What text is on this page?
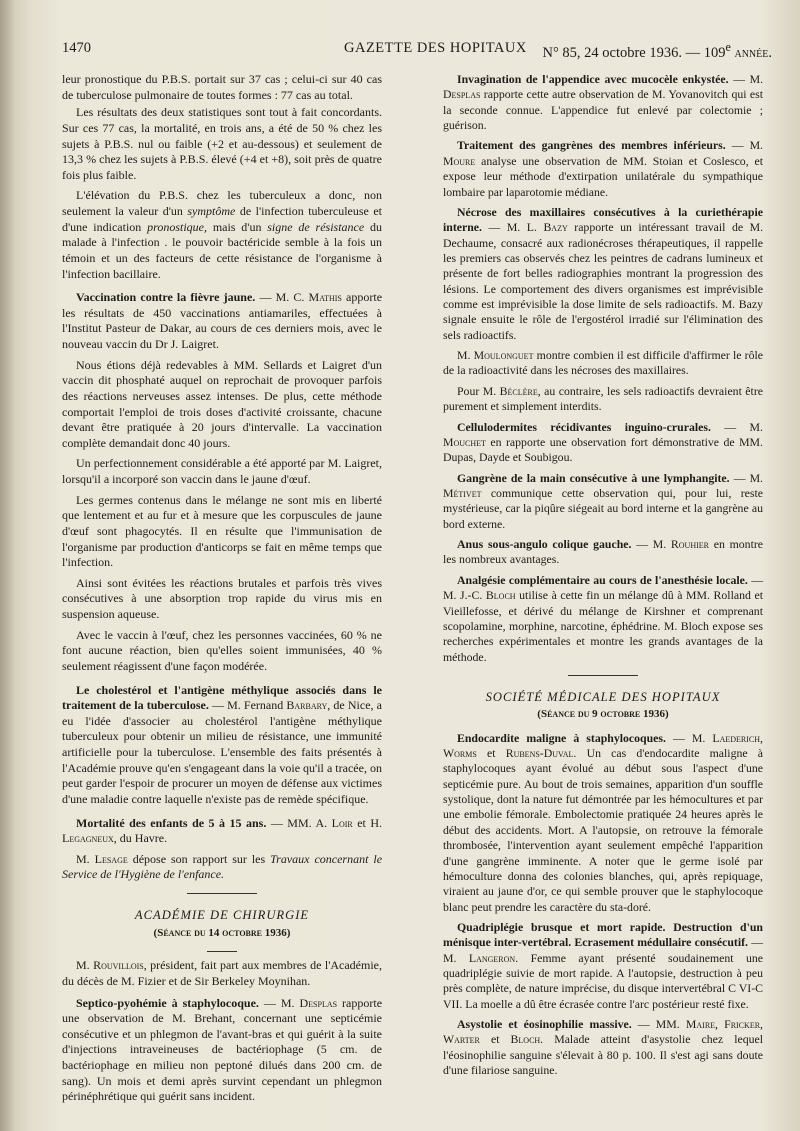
1470	GAZETTE DES HOPITAUX N° 85, 24 octobre 1936. — 109e année.

leur pronostique du P.B.S. portait sur 37 cas ; celui-ci sur 40 cas de tuberculose pulmonaire de toutes formes : 77 cas au total.

Les résultats des deux statistiques sont tout à fait concordants. Sur ces 77 cas, la mortalité, en trois ans, a été de 50 % chez les sujets à P.B.S. nul ou faible (+2 et au-dessous) et seulement de 13,3 % chez les sujets à P.B.S. élevé (+4 et +8), soit près de quatre fois plus faible.

L'élévation du P.B.S. chez les tuberculeux a donc, non seulement la valeur d'un symptôme de l'infection tuberculeuse et d'une indication pronostique, mais d'un signe de résistance du malade à l'infection . le pouvoir bactéricide semble à la fois un témoin et un des facteurs de cette résistance de l'organisme à l'infection bacillaire.

Vaccination contre la fièvre jaune. — M. C. Mathis apporte les résultats de 450 vaccinations antiamariles, effectuées à l'Institut Pasteur de Dakar, au cours de ces derniers mois, avec le nouveau vaccin du Dr J. Laigret.

Nous étions déjà redevables à MM. Sellards et Laigret d'un vaccin dit phosphaté auquel on reprochait de provoquer parfois des réactions nerveuses assez intenses. De plus, cette méthode comportait l'emploi de trois doses d'activité croissante, chacune devant être pratiquée à 20 jours d'intervalle. La vaccination complète demandait donc 40 jours.

Un perfectionnement considérable a été apporté par M. Laigret, lorsqu'il a incorporé son vaccin dans le jaune d'œuf.

Les germes contenus dans le mélange ne sont mis en liberté que lentement et au fur et à mesure que les corpuscules de jaune d'œuf sont phagocytés. Il en résulte que l'immunisation de l'organisme par production d'anticorps se fait en même temps que l'infection.

Ainsi sont évitées les réactions brutales et parfois très vives consécutives à une absorption trop rapide du virus mis en suspension aqueuse.

Avec le vaccin à l'œuf, chez les personnes vaccinées, 60 % ne font aucune réaction, bien qu'elles soient immunisées, 40 % seulement réagissent d'une façon modérée.

Le cholestérol et l'antigène méthylique associés dans le traitement de la tuberculose. — M. Fernand Barbary, de Nice, a eu l'idée d'associer au cholestérol l'antigène méthylique tuberculeux pour obtenir un milieu de résistance, une immunité artificielle pour la tuberculose. L'ensemble des faits présentés à l'Académie prouve qu'en s'engageant dans la voie qu'il a tracée, on peut garder l'espoir de procurer un moyen de défense aux victimes d'une maladie contre laquelle n'existe pas de remède spécifique.

Mortalité des enfants de 5 à 15 ans. — MM. A. Loir et H. Legagneux, du Havre.

M. Lesage dépose son rapport sur les Travaux concernant le Service de l'Hygiène de l'enfance.

ACADÉMIE DE CHIRURGIE
(Séance du 14 octobre 1936)

M. Rouvillois, président, fait part aux membres de l'Académie, du décès de M. Fizier et de Sir Berkeley Moynihan.

Septico-pyohémie à staphylocoque. — M. Desplas rapporte une observation de M. Brehant, concernant une septicémie consécutive et un phlegmon de l'avant-bras et qui guérit à la suite d'injections intraveineuses de bactériophage (5 cm. de bactériophage en milieu non peptoné dilués dans 200 cm. de sang). Un mois et demi après survint cependant un phlegmon périnéphrétique qui guérit sans incident.

Invagination de l'appendice avec mucocèle enkystée. — M. Desplas rapporte cette autre observation de M. Yovanovitch qui est la seconde connue. L'appendice fut enlevé par colectomie ; guérison.

Traitement des gangrènes des membres inférieurs. — M. Moure analyse une observation de MM. Stoian et Coslesco, et expose leur méthode d'extirpation unilatérale du sympathique lombaire par laparotomie médiane.

Nécrose des maxillaires consécutives à la curiethérapie interne. — M. L. Bazy rapporte un intéressant travail de M. Dechaume, consacré aux radionécroses thérapeutiques, il rappelle les premiers cas observés chez les peintres de cadrans lumineux et présente de fort belles radiographies montrant la progression des lésions. Le comportement des divers organismes est imprévisible comme est imprévisible la dose limite de sels radioactifs. M. Bazy signale ensuite le rôle de l'ergostérol irradié sur l'élimination des sels radioactifs.

M. Moulonguet montre combien il est difficile d'affirmer le rôle de la radioactivité dans les nécroses des maxillaires.

Pour M. Béclère, au contraire, les sels radioactifs devraient être purement et simplement interdits.

Cellulodermites récidivantes inguino-crurales. — M. Mouchet en rapporte une observation fort démonstrative de MM. Dupas, Dayde et Soubigou.

Gangrène de la main consécutive à une lymphangite. — M. Métivet communique cette observation qui, pour lui, reste mystérieuse, car la piqûre siégeait au bord interne et la gangrène au bord externe.

Anus sous-angulo colique gauche. — M. Rouhier en montre les nombreux avantages.

Analgésie complémentaire au cours de l'anesthésie locale. — M. J.-C. Bloch utilise à cette fin un mélange dû à MM. Rolland et Vieillefosse, et dérivé du mélange de Kirshner et comprenant scopolamine, morphine, narcotine, éphédrine. M. Bloch expose ses recherches expérimentales et montre les grands avantages de la méthode.

SOCIÉTÉ MÉDICALE DES HOPITAUX
(Séance du 9 octobre 1936)

Endocardite maligne à staphylocoques. — M. Laederich, Worms et Rubens-Duval. Un cas d'endocardite maligne à staphylocoques ayant évolué au début sous l'aspect d'une septicémie pure. Au bout de trois semaines, apparition d'un souffle systolique, dont la nature fut démontrée par les hémocultures et par une embolie fémorale. Embolectomie pratiquée 24 heures après le début des accidents. Mort. A l'autopsie, on retrouve la fémorale thrombosée, l'intervention ayant seulement empêché l'apparition d'une gangrène imminente. A noter que le germe isolé par hémoculture donna des colonies blanches, qui, après repiquage, viraient au jaune d'or, ce qui semble prouver que le staphylocoque blanc peut prendre les caractère du sta-doré.

Quadriplégie brusque et mort rapide. Destruction d'un ménisque inter-vertébral. Ecrasement médullaire consécutif. — M. Langeron. Femme ayant présenté soudainement une quadriplégie suivie de mort rapide. A l'autopsie, destruction à peu près complète, de nature imprécise, du disque intervertébral C VI-C VII. La moelle a dû être écrasée contre l'arc postérieur resté fixe.

Asystolie et éosinophilie massive. — MM. Maire, Fricker, Warter et Bloch. Malade atteint d'asystolie chez lequel l'éosinophilie sanguine s'élevait à 80 p. 100. Il s'est agi sans doute d'une filariose sanguine.
